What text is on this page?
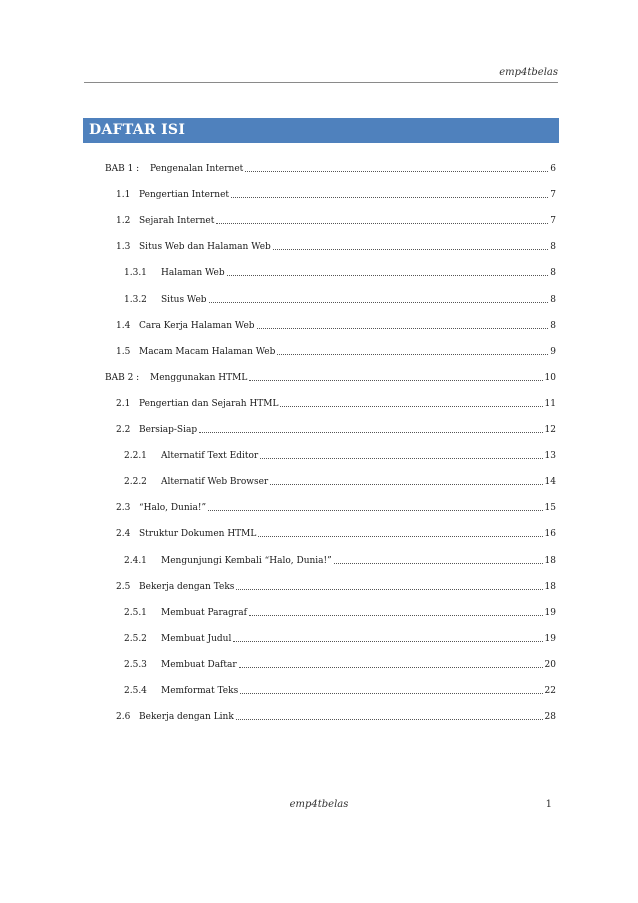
emp4tbelas
DAFTAR ISI
BAB 1 :	Pengenalan Internet	6
1.1 Pengertian Internet	7
1.2 Sejarah Internet	7
1.3 Situs Web dan Halaman Web	8
1.3.1	Halaman Web	8
1.3.2	Situs Web	8
1.4 Cara Kerja Halaman Web	8
1.5 Macam Macam Halaman Web	9
BAB 2 :	Menggunakan HTML	10
2.1 Pengertian dan Sejarah HTML	11
2.2 Bersiap-Siap	12
2.2.1	Alternatif Text Editor	13
2.2.2	Alternatif Web Browser	14
2.3 “Halo, Dunia!”	15
2.4 Struktur Dokumen HTML	16
2.4.1	Mengunjungi Kembali “Halo, Dunia!”	18
2.5 Bekerja dengan Teks	18
2.5.1	Membuat Paragraf	19
2.5.2	Membuat Judul	19
2.5.3	Membuat Daftar	20
2.5.4	Memformat Teks	22
2.6 Bekerja dengan Link	28
emp4tbelas	1
